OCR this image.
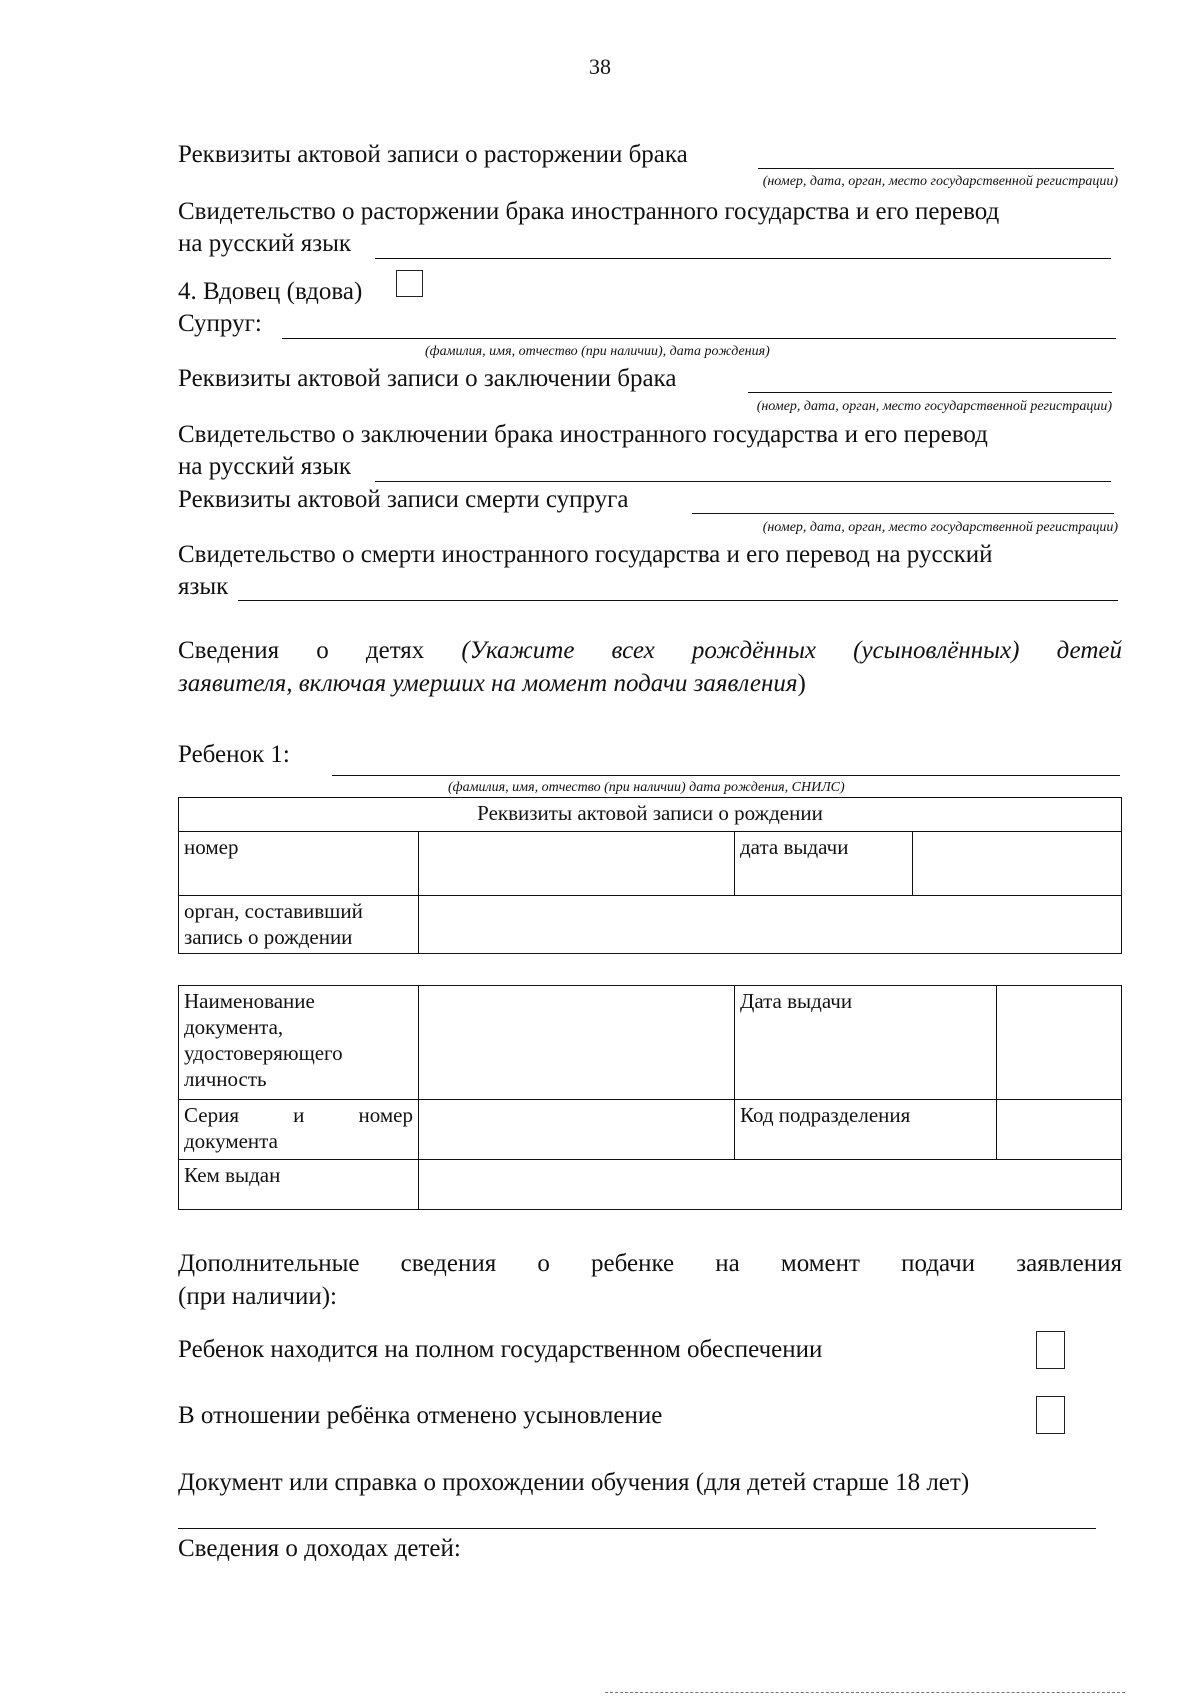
38
Реквизиты актовой записи о расторжении брака
(номер, дата, орган, место государственной регистрации)
Свидетельство о расторжении брака иностранного государства и его перевод
на русский язык
4. Вдовец (вдова)
Супруг:
(фамилия, имя, отчество (при наличии), дата рождения)
Реквизиты актовой записи о заключении брака
(номер, дата, орган, место государственной регистрации)
Свидетельство о заключении брака иностранного государства и его перевод
на русский язык
Реквизиты актовой записи смерти супруга
(номер, дата, орган, место государственной регистрации)
Свидетельство о смерти иностранного государства и его перевод на русский
язык
Сведения о детях (Укажите всех рождённых (усыновлённых) детей
заявителя, включая умерших на момент подачи заявления)
Ребенок 1:
(фамилия, имя, отчество (при наличии) дата рождения, СНИЛС)
Реквизиты актовой записи о рождении			
номер		дата выдачи	

орган, составивший
запись о рождении			

Наименование
документа,
удостоверяющего
личность		Дата выдачи	

Серия и номер
документа		Код подразделения	
Кем выдан			
Дополнительные сведения о ребенке на момент подачи заявления
(при наличии):
Ребенок находится на полном государственном обеспечении
В отношении ребёнка отменено усыновление
Документ или справка о прохождении обучения (для детей старше 18 лет)
Сведения о доходах детей:
